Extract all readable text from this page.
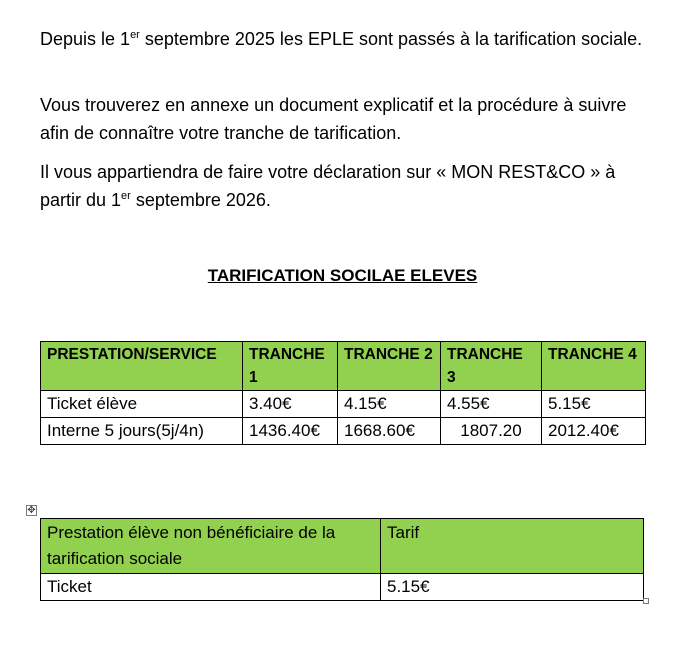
Depuis le 1er septembre 2025 les EPLE sont passés à la tarification sociale.

Vous trouverez en annexe un document explicatif et la procédure à suivre afin de connaître votre tranche de tarification.

Il vous appartiendra de faire votre déclaration sur « MON REST&CO » à partir du 1er septembre 2026.

TARIFICATION SOCILAE ELEVES
PRESTATION/SERVICE	TRANCHE 1	TRANCHE 2	TRANCHE 3	TRANCHE 4
Ticket élève	3.40€	4.15€	4.55€	5.15€
Interne 5 jours(5j/4n)	1436.40€	1668.60€	1807.20	2012.40€
✥
Prestation élève non bénéficiaire de la tarification sociale	Tarif
Ticket	5.15€
